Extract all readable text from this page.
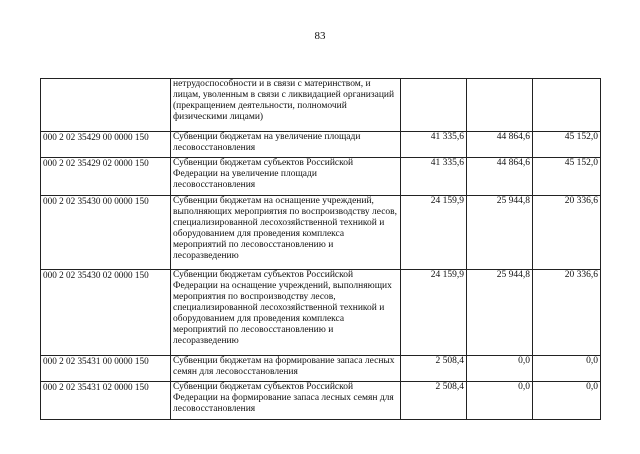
83
	нетрудоспособности и в связи с материнством, и лицам, уволенным в связи с ликвидацией организаций (прекращением деятельности, полномочий физическими лицами)			
000 2 02 35429 00 0000 150	Субвенции бюджетам на увеличение площади лесовосстановления	41 335,6	44 864,6	45 152,0
000 2 02 35429 02 0000 150	Субвенции бюджетам субъектов Российской Федерации на увеличение площади лесовосстановления	41 335,6	44 864,6	45 152,0
000 2 02 35430 00 0000 150	Субвенции бюджетам на оснащение учреждений, выполняющих мероприятия по воспроизводству лесов, специализированной лесохозяйственной техникой и оборудованием для проведения комплекса мероприятий по лесовосстановлению и лесоразведению	24 159,9	25 944,8	20 336,6
000 2 02 35430 02 0000 150	Субвенции бюджетам субъектов Российской Федерации на оснащение учреждений, выполняющих мероприятия по воспроизводству лесов, специализированной лесохозяйственной техникой и оборудованием для проведения комплекса мероприятий по лесовосстановлению и лесоразведению	24 159,9	25 944,8	20 336,6
000 2 02 35431 00 0000 150	Субвенции бюджетам на формирование запаса лесных семян для лесовосстановления	2 508,4	0,0	0,0
000 2 02 35431 02 0000 150	Субвенции бюджетам субъектов Российской Федерации на формирование запаса лесных семян для лесовосстановления	2 508,4	0,0	0,0
